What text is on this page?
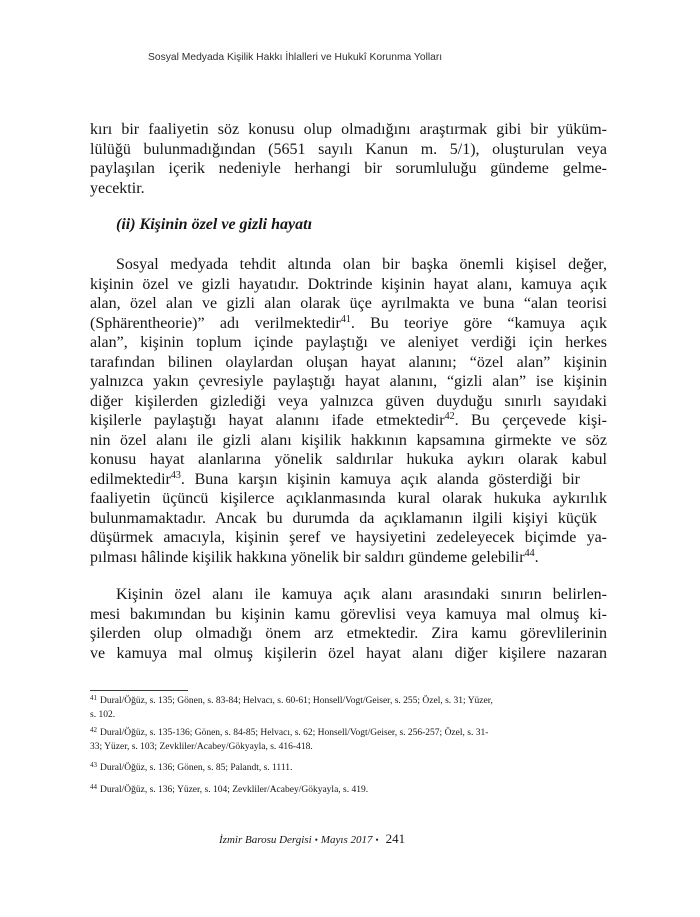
Sosyal Medyada Kişilik Hakkı İhlalleri ve Hukukî Korunma Yolları
kırı bir faaliyetin söz konusu olup olmadığını araştırmak gibi bir yüküm-
lülüğü bulunmadığından (5651 sayılı Kanun m. 5/1), oluşturulan veya
paylaşılan içerik nedeniyle herhangi bir sorumluluğu gündeme gelme-
yecektir.
(ii) Kişinin özel ve gizli hayatı
Sosyal medyada tehdit altında olan bir başka önemli kişisel değer,
kişinin özel ve gizli hayatıdır. Doktrinde kişinin hayat alanı, kamuya açık
alan, özel alan ve gizli alan olarak üçe ayrılmakta ve buna “alan teorisi
(Sphärentheorie)” adı verilmektedir$^{41}$. Bu teoriye göre “kamuya açık
alan”, kişinin toplum içinde paylaştığı ve aleniyet verdiği için herkes
tarafından bilinen olaylardan oluşan hayat alanını; “özel alan” kişinin
yalnızca yakın çevresiyle paylaştığı hayat alanını, “gizli alan” ise kişinin
diğer kişilerden gizlediği veya yalnızca güven duyduğu sınırlı sayıdaki
kişilerle paylaştığı hayat alanını ifade etmektedir$^{42}$. Bu çerçevede kişi-
nin özel alanı ile gizli alanı kişilik hakkının kapsamına girmekte ve söz
konusu hayat alanlarına yönelik saldırılar hukuka aykırı olarak kabul
edilmektedir$^{43}$. Buna karşın kişinin kamuya açık alanda gösterdiği bir
faaliyetin üçüncü kişilerce açıklanmasında kural olarak hukuka aykırılık
bulunmamaktadır. Ancak bu durumda da açıklamanın ilgili kişiyi küçük
düşürmek amacıyla, kişinin şeref ve haysiyetini zedeleyecek biçimde ya-
pılması hâlinde kişilik hakkına yönelik bir saldırı gündeme gelebilir$^{44}$.
Kişinin özel alanı ile kamuya açık alanı arasındaki sınırın belirlen-
mesi bakımından bu kişinin kamu görevlisi veya kamuya mal olmuş ki-
şilerden olup olmadığı önem arz etmektedir. Zira kamu görevlilerinin
ve kamuya mal olmuş kişilerin özel hayat alanı diğer kişilere nazaran
$^{41}$ Dural/Öğüz, s. 135; Gönen, s. 83-84; Helvacı, s. 60-61; Honsell/Vogt/Geiser, s. 255; Özel, s. 31; Yüzer,
s. 102.
$^{42}$ Dural/Öğüz, s. 135-136; Gönen, s. 84-85; Helvacı, s. 62; Honsell/Vogt/Geiser, s. 256-257; Özel, s. 31-
33; Yüzer, s. 103; Zevkliler/Acabey/Gökyayla, s. 416-418.
$^{43}$ Dural/Öğüz, s. 136; Gönen, s. 85; Palandt, s. 1111.
$^{44}$ Dural/Öğüz, s. 136; Yüzer, s. 104; Zevkliler/Acabey/Gökyayla, s. 419.
İzmir Barosu Dergisi • Mayıs 2017 • 241
